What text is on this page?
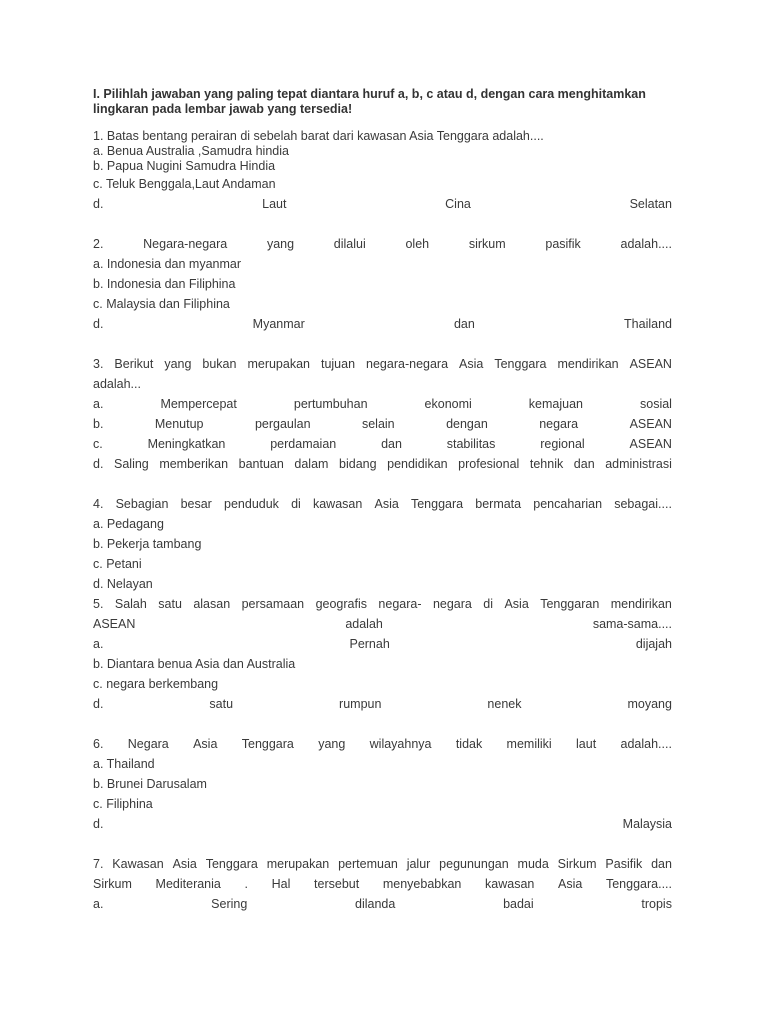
I. Pilihlah jawaban yang paling tepat diantara huruf a, b, c atau d, dengan cara menghitamkan lingkaran pada lembar jawab yang tersedia!
1. Batas bentang perairan di sebelah barat dari kawasan Asia Tenggara adalah....
a. Benua Australia ,Samudra hindia
b. Papua Nugini Samudra Hindia
c. Teluk Benggala,Laut Andaman
d.	Laut	Cina	Selatan
2.	Negara-negara	yang	dilalui	oleh	sirkum	pasifik	adalah....
a. Indonesia dan myanmar
b. Indonesia dan Filiphina
c. Malaysia dan Filiphina
d.	Myanmar	dan	Thailand
3. Berikut yang bukan merupakan tujuan negara-negara Asia Tenggara mendirikan ASEAN
adalah...
a.	Mempercepat	pertumbuhan	ekonomi	kemajuan	sosial
b.	Menutup	pergaulan	selain	dengan	negara	ASEAN
c.	Meningkatkan	perdamaian	dan	stabilitas	regional	ASEAN
d. Saling memberikan bantuan dalam bidang pendidikan profesional tehnik dan administrasi
4. Sebagian besar penduduk di kawasan Asia Tenggara bermata pencaharian sebagai....
a. Pedagang
b. Pekerja tambang
c. Petani
d. Nelayan
5. Salah satu alasan persamaan geografis negara- negara di Asia Tenggaran mendirikan
ASEAN	adalah	sama-sama....
a.	Pernah	dijajah
b. Diantara benua Asia dan Australia
c. negara berkembang
d.	satu	rumpun	nenek	moyang
6. Negara Asia Tenggara yang wilayahnya tidak memiliki laut adalah....
a. Thailand
b. Brunei Darusalam
c. Filiphina
d.	Malaysia
7. Kawasan Asia Tenggara merupakan pertemuan jalur pegunungan muda Sirkum Pasifik dan
Sirkum Mediterania . Hal tersebut menyebabkan kawasan Asia Tenggara....
a.	Sering	dilanda	badai	tropis
